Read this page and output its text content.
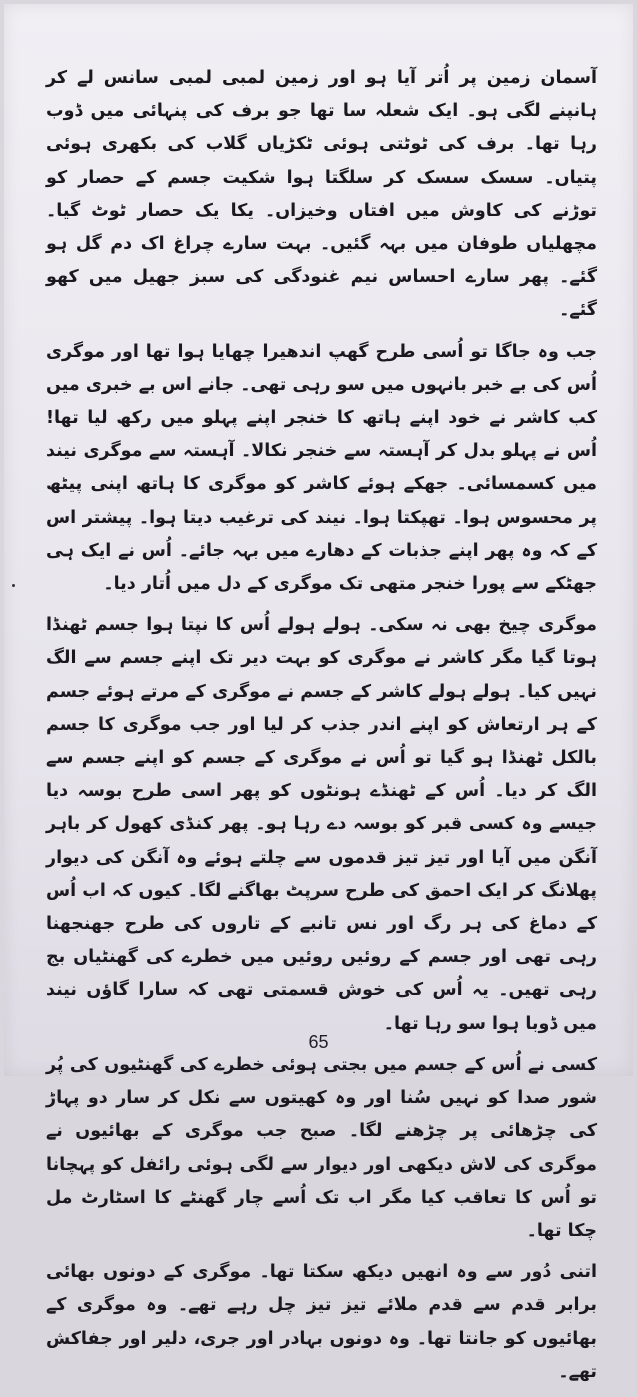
آسمان زمین پر اُتر آیا ہو اور زمین لمبی لمبی سانس لے کر ہانپنے لگی ہو۔ ایک شعلہ سا تھا جو برف کی پنہائی میں ڈوب رہا تھا۔ برف کی ٹوٹتی ہوئی ٹکڑیاں گلاب کی بکھری ہوئی پتیاں۔ سسک سسک کر سلگتا ہوا شکیت جسم کے حصار کو توڑنے کی کاوش میں افتاں وخیزاں۔ یکا یک حصار ٹوٹ گیا۔ مچھلیاں طوفان میں بہہ گئیں۔ بہت سارے چراغ اک دم گل ہو گئے۔ پھر سارے احساس نیم غنودگی کی سبز جھیل میں کھو گئے۔

جب وہ جاگا تو اُسی طرح گھپ اندھیرا چھایا ہوا تھا اور موگری اُس کی بے خبر بانہوں میں سو رہی تھی۔ جانے اس بے خبری میں کب کاشر نے خود اپنے ہاتھ کا خنجر اپنے پہلو میں رکھ لیا تھا! اُس نے پہلو بدل کر آہستہ سے خنجر نکالا۔ آہستہ سے موگری نیند میں کسمسائی۔ جھکے ہوئے کاشر کو موگری کا ہاتھ اپنی پیٹھ پر محسوس ہوا۔ تھپکتا ہوا۔ نیند کی ترغیب دیتا ہوا۔ پیشتر اس کے کہ وہ پھر اپنے جذبات کے دھارے میں بہہ جائے۔ اُس نے ایک ہی جھٹکے سے پورا خنجر متھی تک موگری کے دل میں اُتار دیا۔

موگری چیخ بھی نہ سکی۔ ہولے ہولے اُس کا نپتا ہوا جسم ٹھنڈا ہوتا گیا مگر کاشر نے موگری کو بہت دیر تک اپنے جسم سے الگ نہیں کیا۔ ہولے ہولے کاشر کے جسم نے موگری کے مرتے ہوئے جسم کے ہر ارتعاش کو اپنے اندر جذب کر لیا اور جب موگری کا جسم بالکل ٹھنڈا ہو گیا تو اُس نے موگری کے جسم کو اپنے جسم سے الگ کر دیا۔ اُس کے ٹھنڈے ہونٹوں کو پھر اسی طرح بوسہ دیا جیسے وہ کسی قبر کو بوسہ دے رہا ہو۔ پھر کنڈی کھول کر باہر آنگن میں آیا اور تیز تیز قدموں سے چلتے ہوئے وہ آنگن کی دیوار پھلانگ کر ایک احمق کی طرح سرپٹ بھاگنے لگا۔ کیوں کہ اب اُس کے دماغ کی ہر رگ اور نس تانبے کے تاروں کی طرح جھنجھنا رہی تھی اور جسم کے روئیں روئیں میں خطرے کی گھنٹیاں بج رہی تھیں۔ یہ اُس کی خوش قسمتی تھی کہ سارا گاؤں نیند میں ڈوبا ہوا سو رہا تھا۔

کسی نے اُس کے جسم میں بجتی ہوئی خطرے کی گھنٹیوں کی پُر شور صدا کو نہیں سُنا اور وہ کھیتوں سے نکل کر سار دو پہاڑ کی چڑھائی پر چڑھنے لگا۔ صبح جب موگری کے بھائیوں نے موگری کی لاش دیکھی اور دیوار سے لگی ہوئی رائفل کو پہچانا تو اُس کا تعاقب کیا مگر اب تک اُسے چار گھنٹے کا اسٹارٹ مل چکا تھا۔

اتنی دُور سے وہ انھیں دیکھ سکتا تھا۔ موگری کے دونوں بھائی برابر قدم سے قدم ملائے تیز تیز چل رہے تھے۔ وہ موگری کے بھائیوں کو جانتا تھا۔ وہ دونوں بہادر اور جری، دلیر اور جفاکش تھے۔

65
